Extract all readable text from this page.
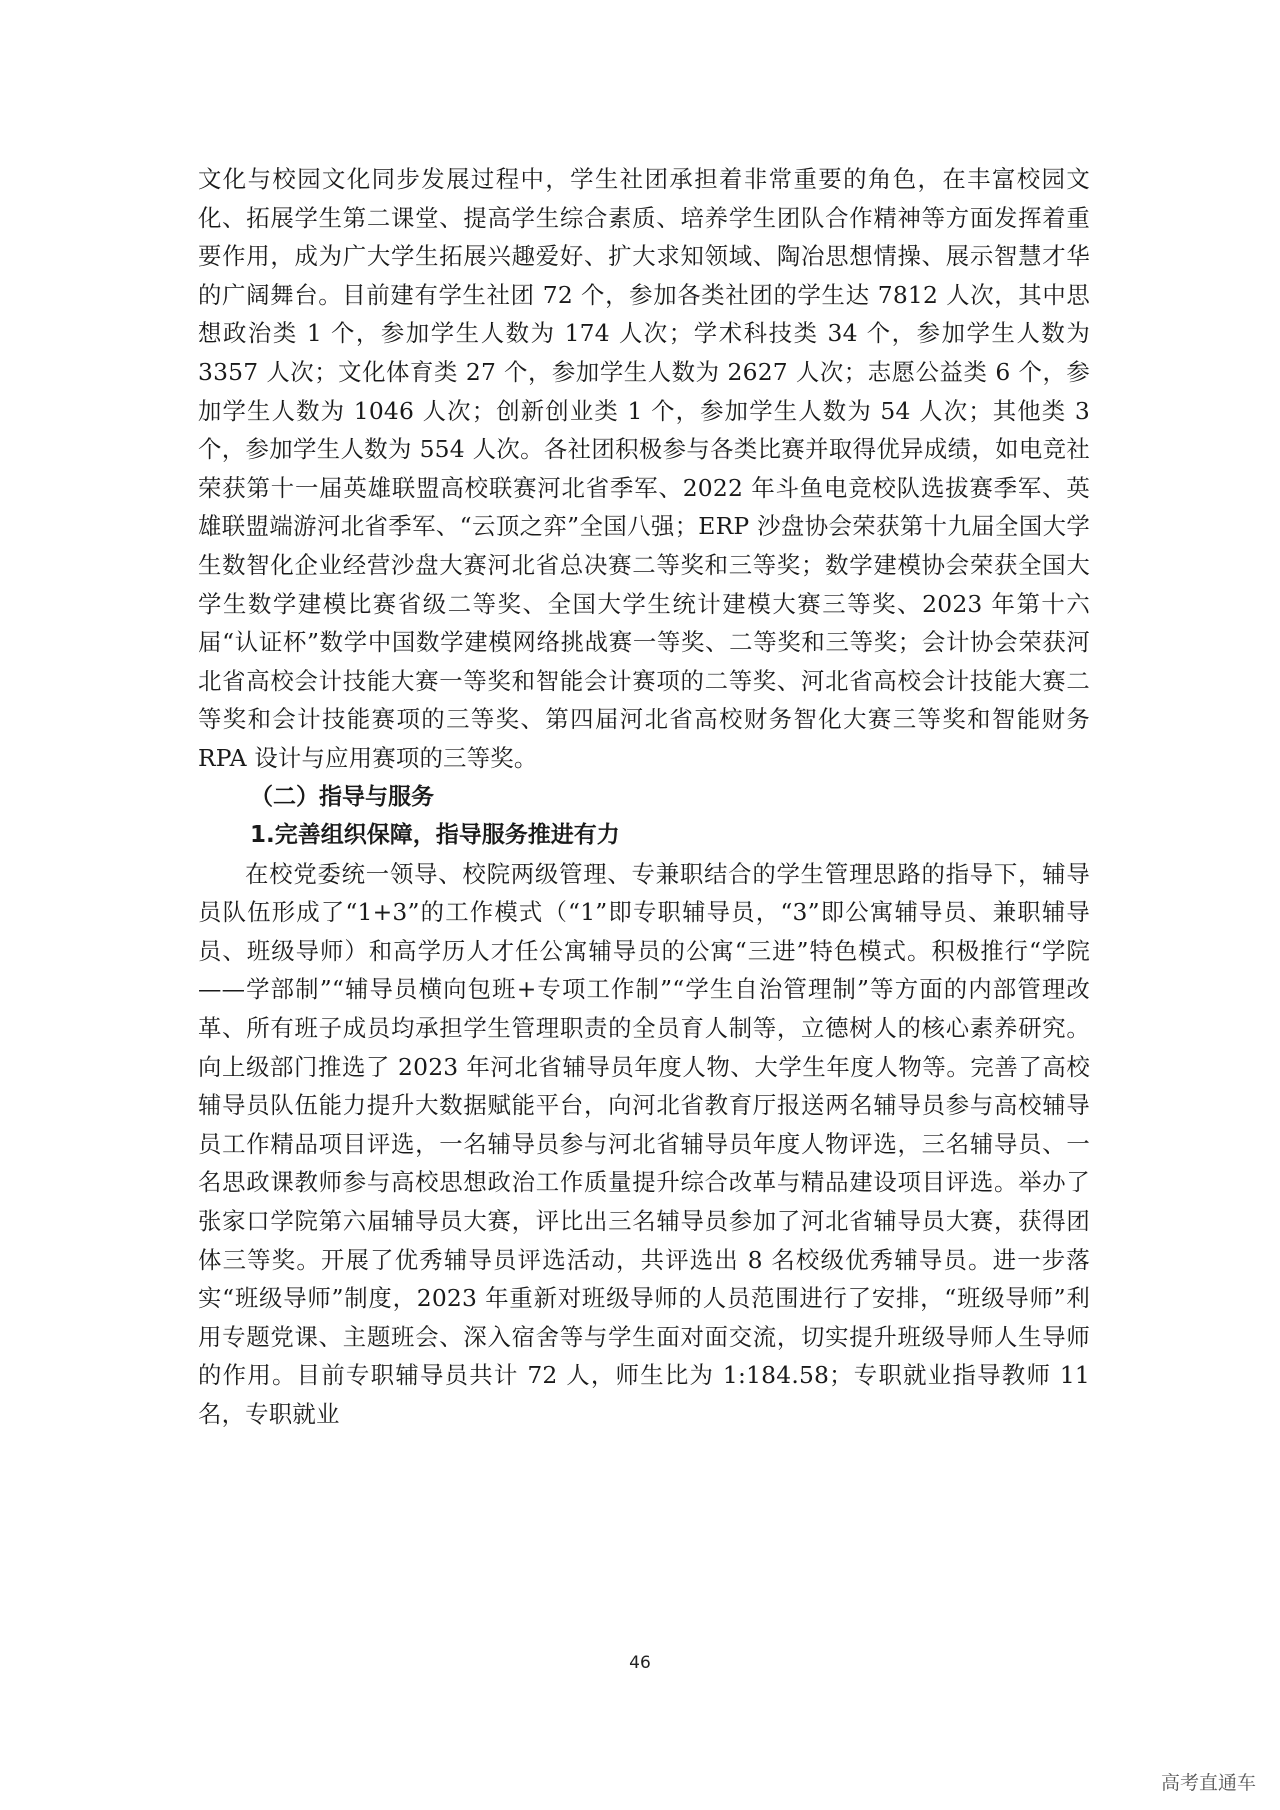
文化与校园文化同步发展过程中，学生社团承担着非常重要的角色，在丰富校园文化、拓展学生第二课堂、提高学生综合素质、培养学生团队合作精神等方面发挥着重要作用，成为广大学生拓展兴趣爱好、扩大求知领域、陶冶思想情操、展示智慧才华的广阔舞台。目前建有学生社团 72 个，参加各类社团的学生达 7812 人次，其中思想政治类 1 个，参加学生人数为 174 人次；学术科技类 34 个，参加学生人数为 3357 人次；文化体育类 27 个，参加学生人数为 2627 人次；志愿公益类 6 个，参加学生人数为 1046 人次；创新创业类 1 个，参加学生人数为 54 人次；其他类 3 个，参加学生人数为 554 人次。各社团积极参与各类比赛并取得优异成绩，如电竞社荣获第十一届英雄联盟高校联赛河北省季军、2022 年斗鱼电竞校队选拔赛季军、英雄联盟端游河北省季军、“云顶之弈”全国八强；ERP 沙盘协会荣获第十九届全国大学生数智化企业经营沙盘大赛河北省总决赛二等奖和三等奖；数学建模协会荣获全国大学生数学建模比赛省级二等奖、全国大学生统计建模大赛三等奖、2023 年第十六届“认证杯”数学中国数学建模网络挑战赛一等奖、二等奖和三等奖；会计协会荣获河北省高校会计技能大赛一等奖和智能会计赛项的二等奖、河北省高校会计技能大赛二等奖和会计技能赛项的三等奖、第四届河北省高校财务智化大赛三等奖和智能财务 RPA 设计与应用赛项的三等奖。

（二）指导与服务

1.完善组织保障，指导服务推进有力

在校党委统一领导、校院两级管理、专兼职结合的学生管理思路的指导下，辅导员队伍形成了“1+3”的工作模式（“1”即专职辅导员，“3”即公寓辅导员、兼职辅导员、班级导师）和高学历人才任公寓辅导员的公寓“三进”特色模式。积极推行“学院——学部制”“辅导员横向包班+专项工作制”“学生自治管理制”等方面的内部管理改革、所有班子成员均承担学生管理职责的全员育人制等，立德树人的核心素养研究。向上级部门推选了 2023 年河北省辅导员年度人物、大学生年度人物等。完善了高校辅导员队伍能力提升大数据赋能平台，向河北省教育厅报送两名辅导员参与高校辅导员工作精品项目评选，一名辅导员参与河北省辅导员年度人物评选，三名辅导员、一名思政课教师参与高校思想政治工作质量提升综合改革与精品建设项目评选。举办了张家口学院第六届辅导员大赛，评比出三名辅导员参加了河北省辅导员大赛，获得团体三等奖。开展了优秀辅导员评选活动，共评选出 8 名校级优秀辅导员。进一步落实“班级导师”制度，2023 年重新对班级导师的人员范围进行了安排，“班级导师”利用专题党课、主题班会、深入宿舍等与学生面对面交流，切实提升班级导师人生导师的作用。目前专职辅导员共计 72 人，师生比为 1:184.58；专职就业指导教师 11 名，专职就业

46
高考直通车
